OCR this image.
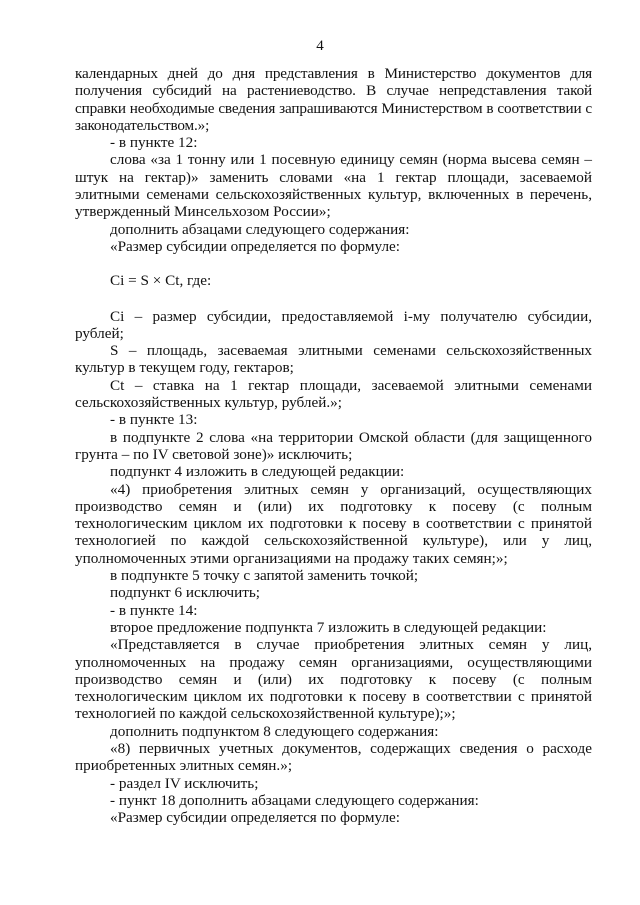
4

календарных дней до дня представления в Министерство документов для получения субсидий на растениеводство. В случае непредставления такой справки необходимые сведения запрашиваются Министерством в соответствии с законодательством.»;

- в пункте 12:

слова «за 1 тонну или 1 посевную единицу семян (норма высева семян – штук на гектар)» заменить словами «на 1 гектар площади, засеваемой элитными семенами сельскохозяйственных культур, включенных в перечень, утвержденный Минсельхозом России»;

дополнить абзацами следующего содержания:

«Размер субсидии определяется по формуле:

Ci = S × Ct, где:

Ci – размер субсидии, предоставляемой i-му получателю субсидии, рублей;

S – площадь, засеваемая элитными семенами сельскохозяйственных культур в текущем году, гектаров;

Ct – ставка на 1 гектар площади, засеваемой элитными семенами сельскохозяйственных культур, рублей.»;

- в пункте 13:

в подпункте 2 слова «на территории Омской области (для защищенного грунта – по IV световой зоне)» исключить;

подпункт 4 изложить в следующей редакции:

«4) приобретения элитных семян у организаций, осуществляющих производство семян и (или) их подготовку к посеву (с полным технологическим циклом их подготовки к посеву в соответствии с принятой технологией по каждой сельскохозяйственной культуре), или у лиц, уполномоченных этими организациями на продажу таких семян;»;

в подпункте 5 точку с запятой заменить точкой;

подпункт 6 исключить;

- в пункте 14:

второе предложение подпункта 7 изложить в следующей редакции:

«Представляется в случае приобретения элитных семян у лиц, уполномоченных на продажу семян организациями, осуществляющими производство семян и (или) их подготовку к посеву (с полным технологическим циклом их подготовки к посеву в соответствии с принятой технологией по каждой сельскохозяйственной культуре);»;

дополнить подпунктом 8 следующего содержания:

«8) первичных учетных документов, содержащих сведения о расходе приобретенных элитных семян.»;

- раздел IV исключить;

- пункт 18 дополнить абзацами следующего содержания:

«Размер субсидии определяется по формуле:
